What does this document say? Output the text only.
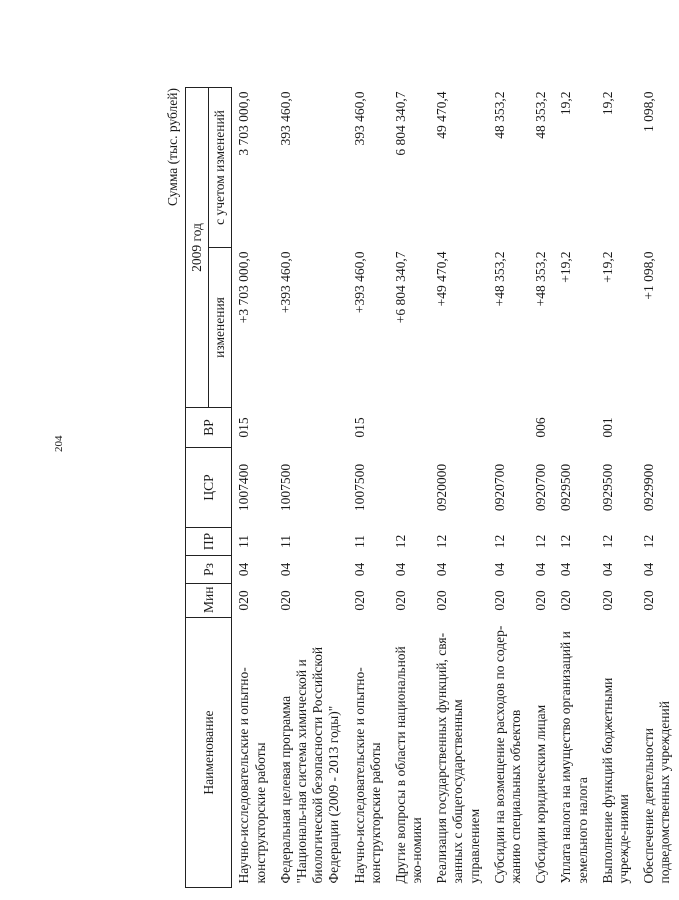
204
Сумма (тыс. рублей)
Наименование	Мин	Рз	ПР	ЦСР	ВР	2009 год	
						изменения	с учетом изменений
Научно-исследовательские и опытно-конструкторские работы	020	04	11	1007400	015	+3 703 000,0	3 703 000,0
Федеральная целевая программа "Националь-ная система химической и биологической безопасности Российской Федерации (2009 - 2013 годы)"	020	04	11	1007500		+393 460,0	393 460,0
Научно-исследовательские и опытно-конструкторские работы	020	04	11	1007500	015	+393 460,0	393 460,0
Другие вопросы в области национальной эко-номики	020	04	12			+6 804 340,7	6 804 340,7
Реализация государственных функций, свя-занных с общегосударственным управлением	020	04	12	0920000		+49 470,4	49 470,4
Субсидии на возмещение расходов по содер-жанию специальных объектов	020	04	12	0920700		+48 353,2	48 353,2
Субсидии юридическим лицам	020	04	12	0920700	006	+48 353,2	48 353,2
Уплата налога на имущество организаций и земельного налога	020	04	12	0929500		+19,2	19,2
Выполнение функций бюджетными учрежде-ниями	020	04	12	0929500	001	+19,2	19,2
Обеспечение деятельности подведомственных учреждений	020	04	12	0929900		+1 098,0	1 098,0
